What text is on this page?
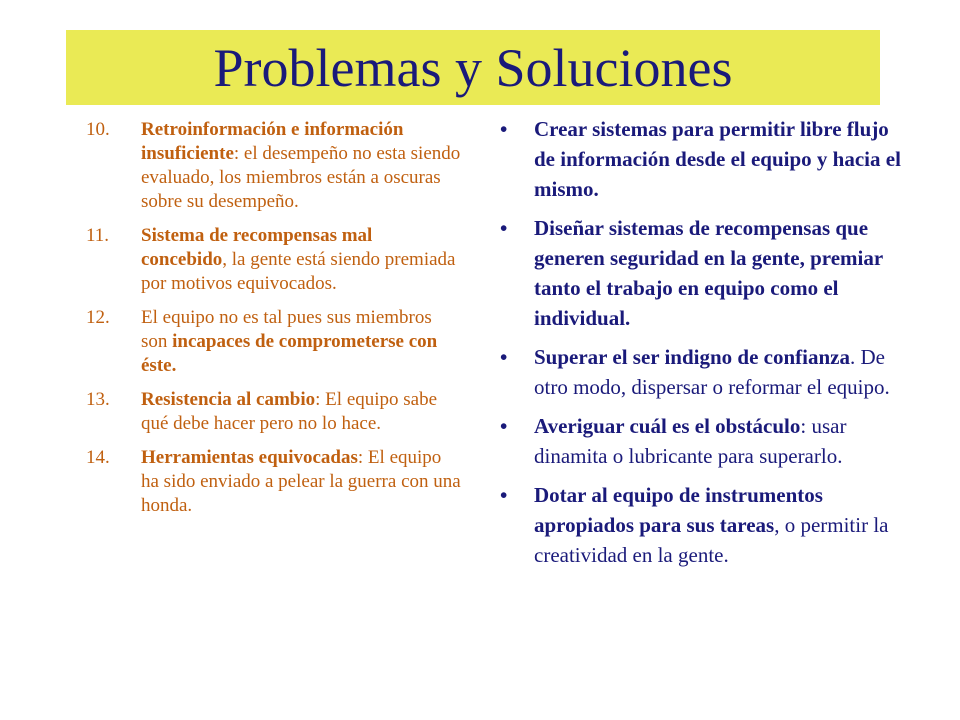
Problemas y Soluciones
10.	Retroinformación e información insuficiente: el desempeño no esta siendo evaluado, los miembros están a oscuras sobre su desempeño.
11.	Sistema de recompensas mal concebido, la gente está siendo premiada por motivos equivocados.
12.	El equipo no es tal pues sus miembros son incapaces de comprometerse con éste.
13.	Resistencia al cambio: El equipo sabe qué debe hacer pero no lo hace.
14.	Herramientas equivocadas: El equipo ha sido enviado a pelear la guerra con una honda.
•	Crear sistemas para permitir libre flujo de información desde el equipo y hacia el mismo.
•	Diseñar sistemas de recompensas que generen seguridad en la gente, premiar tanto el trabajo en equipo como el individual.
•	Superar el ser indigno de confianza. De otro modo, dispersar o reformar el equipo.
•	Averiguar cuál es el obstáculo: usar dinamita o lubricante para superarlo.
•	Dotar al equipo de instrumentos apropiados para sus tareas, o permitir la creatividad en la gente.
